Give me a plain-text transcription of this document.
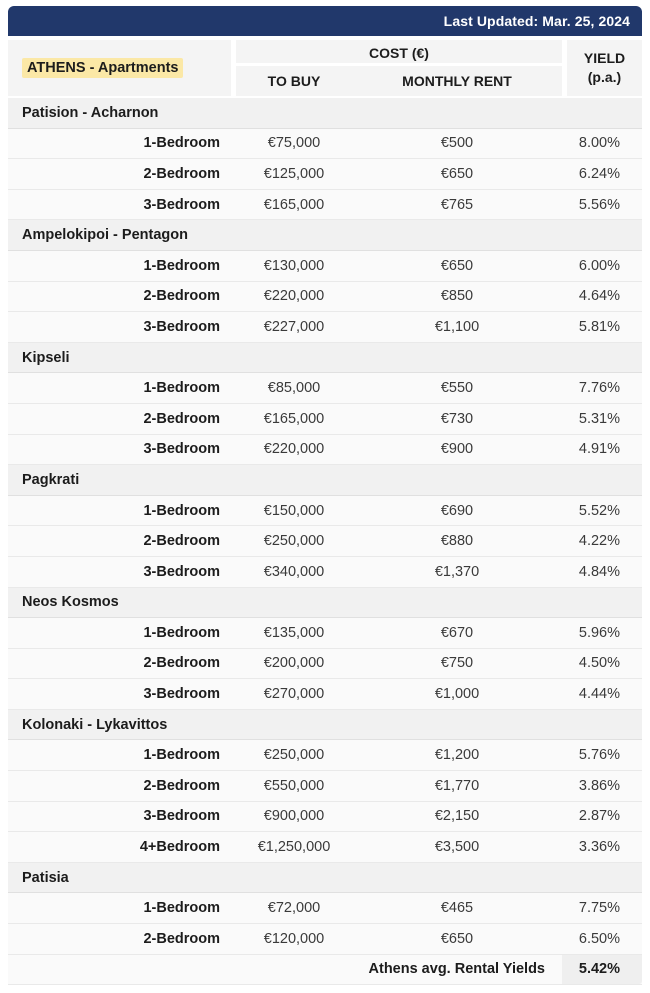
Last Updated: Mar. 25, 2024
ATHENS - Apartments
COST (€)
TO BUY	MONTHLY RENT
YIELD
(p.a.)
Patision - Acharnon
1-Bedroom	€75,000	€500	8.00%
2-Bedroom	€125,000	€650	6.24%
3-Bedroom	€165,000	€765	5.56%
Ampelokipoi - Pentagon
1-Bedroom	€130,000	€650	6.00%
2-Bedroom	€220,000	€850	4.64%
3-Bedroom	€227,000	€1,100	5.81%
Kipseli
1-Bedroom	€85,000	€550	7.76%
2-Bedroom	€165,000	€730	5.31%
3-Bedroom	€220,000	€900	4.91%
Pagkrati
1-Bedroom	€150,000	€690	5.52%
2-Bedroom	€250,000	€880	4.22%
3-Bedroom	€340,000	€1,370	4.84%
Neos Kosmos
1-Bedroom	€135,000	€670	5.96%
2-Bedroom	€200,000	€750	4.50%
3-Bedroom	€270,000	€1,000	4.44%
Kolonaki - Lykavittos
1-Bedroom	€250,000	€1,200	5.76%
2-Bedroom	€550,000	€1,770	3.86%
3-Bedroom	€900,000	€2,150	2.87%
4+Bedroom	€1,250,000	€3,500	3.36%
Patisia
1-Bedroom	€72,000	€465	7.75%
2-Bedroom	€120,000	€650	6.50%
Athens avg. Rental Yields	5.42%
